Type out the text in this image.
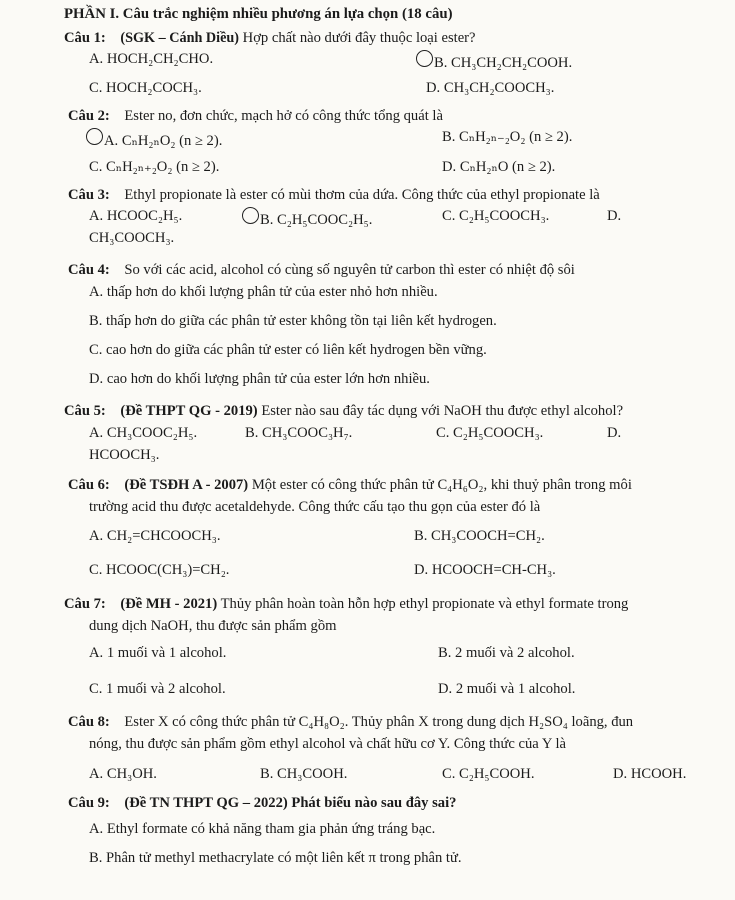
PHẦN I. Câu trắc nghiệm nhiều phương án lựa chọn (18 câu)
Câu 1: (SGK – Cánh Diều) Hợp chất nào dưới đây thuộc loại ester?
A. HOCH₂CH₂CHO.	B. CH₃CH₂CH₂COOH.
C. HOCH₂COCH₃.	D. CH₃CH₂COOCH₃.
Câu 2: Ester no, đơn chức, mạch hở có công thức tổng quát là
A. CₙH₂ₙO₂ (n ≥ 2).	B. CₙH₂ₙ₋₂O₂ (n ≥ 2).
C. CₙH₂ₙ₊₂O₂ (n ≥ 2).	D. CₙH₂ₙO (n ≥ 2).
Câu 3: Ethyl propionate là ester có mùi thơm của dứa. Công thức của ethyl propionate là
A. HCOOC₂H₅.	B. C₂H₅COOC₂H₅.	C. C₂H₅COOCH₃.	D.
CH₃COOCH₃.
Câu 4: So với các acid, alcohol có cùng số nguyên tử carbon thì ester có nhiệt độ sôi
A. thấp hơn do khối lượng phân tử của ester nhỏ hơn nhiều.
B. thấp hơn do giữa các phân tử ester không tồn tại liên kết hydrogen.
C. cao hơn do giữa các phân tử ester có liên kết hydrogen bền vững.
D. cao hơn do khối lượng phân tử của ester lớn hơn nhiều.
Câu 5: (Đề THPT QG - 2019) Ester nào sau đây tác dụng với NaOH thu được ethyl alcohol?
A. CH₃COOC₂H₅.	B. CH₃COOC₃H₇.	C. C₂H₅COOCH₃.	D.
HCOOCH₃.
Câu 6: (Đề TSĐH A - 2007) Một ester có công thức phân tử C₄H₆O₂, khi thuỷ phân trong môi
trường acid thu được acetaldehyde. Công thức cấu tạo thu gọn của ester đó là
A. CH₂=CHCOOCH₃.	B. CH₃COOCH=CH₂.
C. HCOOC(CH₃)=CH₂.	D. HCOOCH=CH-CH₃.
Câu 7: (Đề MH - 2021) Thủy phân hoàn toàn hỗn hợp ethyl propionate và ethyl formate trong
dung dịch NaOH, thu được sản phẩm gồm
A. 1 muối và 1 alcohol.	B. 2 muối và 2 alcohol.
C. 1 muối và 2 alcohol.	D. 2 muối và 1 alcohol.
Câu 8: Ester X có công thức phân tử C₄H₈O₂. Thủy phân X trong dung dịch H₂SO₄ loãng, đun
nóng, thu được sản phẩm gồm ethyl alcohol và chất hữu cơ Y. Công thức của Y là
A. CH₃OH.	B. CH₃COOH.	C. C₂H₅COOH.	D. HCOOH.
Câu 9: (Đề TN THPT QG – 2022) Phát biểu nào sau đây sai?
A. Ethyl formate có khả năng tham gia phản ứng tráng bạc.
B. Phân tử methyl methacrylate có một liên kết π trong phân tử.
